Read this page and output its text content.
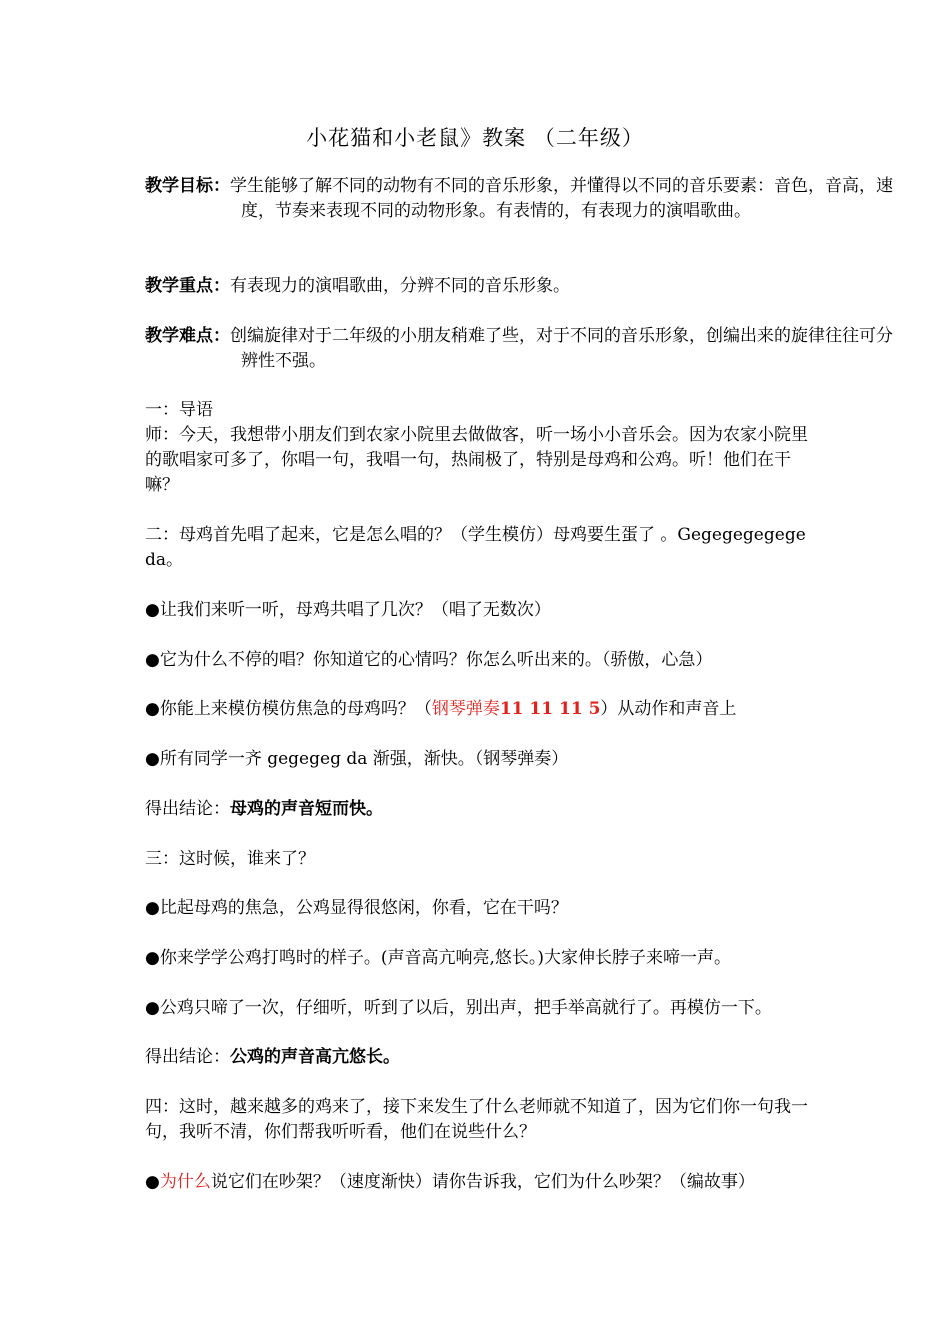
小花猫和小老鼠》教案 （二年级）
教学目标：学生能够了解不同的动物有不同的音乐形象，并懂得以不同的音乐要素：音色，音高，速度，节奏来表现不同的动物形象。有表情的，有表现力的演唱歌曲。
教学重点：有表现力的演唱歌曲，分辨不同的音乐形象。
教学难点：创编旋律对于二年级的小朋友稍难了些，对于不同的音乐形象，创编出来的旋律往往可分辨性不强。
一：导语
师：今天，我想带小朋友们到农家小院里去做做客，听一场小小音乐会。因为农家小院里的歌唱家可多了，你唱一句，我唱一句，热闹极了，特别是母鸡和公鸡。听！他们在干嘛？
二：母鸡首先唱了起来，它是怎么唱的？（学生模仿）母鸡要生蛋了 。Gegegegegege da。
●让我们来听一听，母鸡共唱了几次？（唱了无数次）
●它为什么不停的唱？你知道它的心情吗？你怎么听出来的。（骄傲，心急）
●你能上来模仿模仿焦急的母鸡吗？（钢琴弹奏11 11 11 5）从动作和声音上
●所有同学一齐 gegegeg da 渐强，渐快。（钢琴弹奏）
得出结论：母鸡的声音短而快。
三：这时候，谁来了？
●比起母鸡的焦急，公鸡显得很悠闲，你看，它在干吗？
●你来学学公鸡打鸣时的样子。(声音高亢响亮,悠长。)大家伸长脖子来啼一声。
●公鸡只啼了一次，仔细听，听到了以后，别出声，把手举高就行了。再模仿一下。
得出结论：公鸡的声音高亢悠长。
四：这时，越来越多的鸡来了，接下来发生了什么老师就不知道了，因为它们你一句我一句，我听不清，你们帮我听听看，他们在说些什么？
●为什么说它们在吵架？（速度渐快）请你告诉我，它们为什么吵架？（编故事）
